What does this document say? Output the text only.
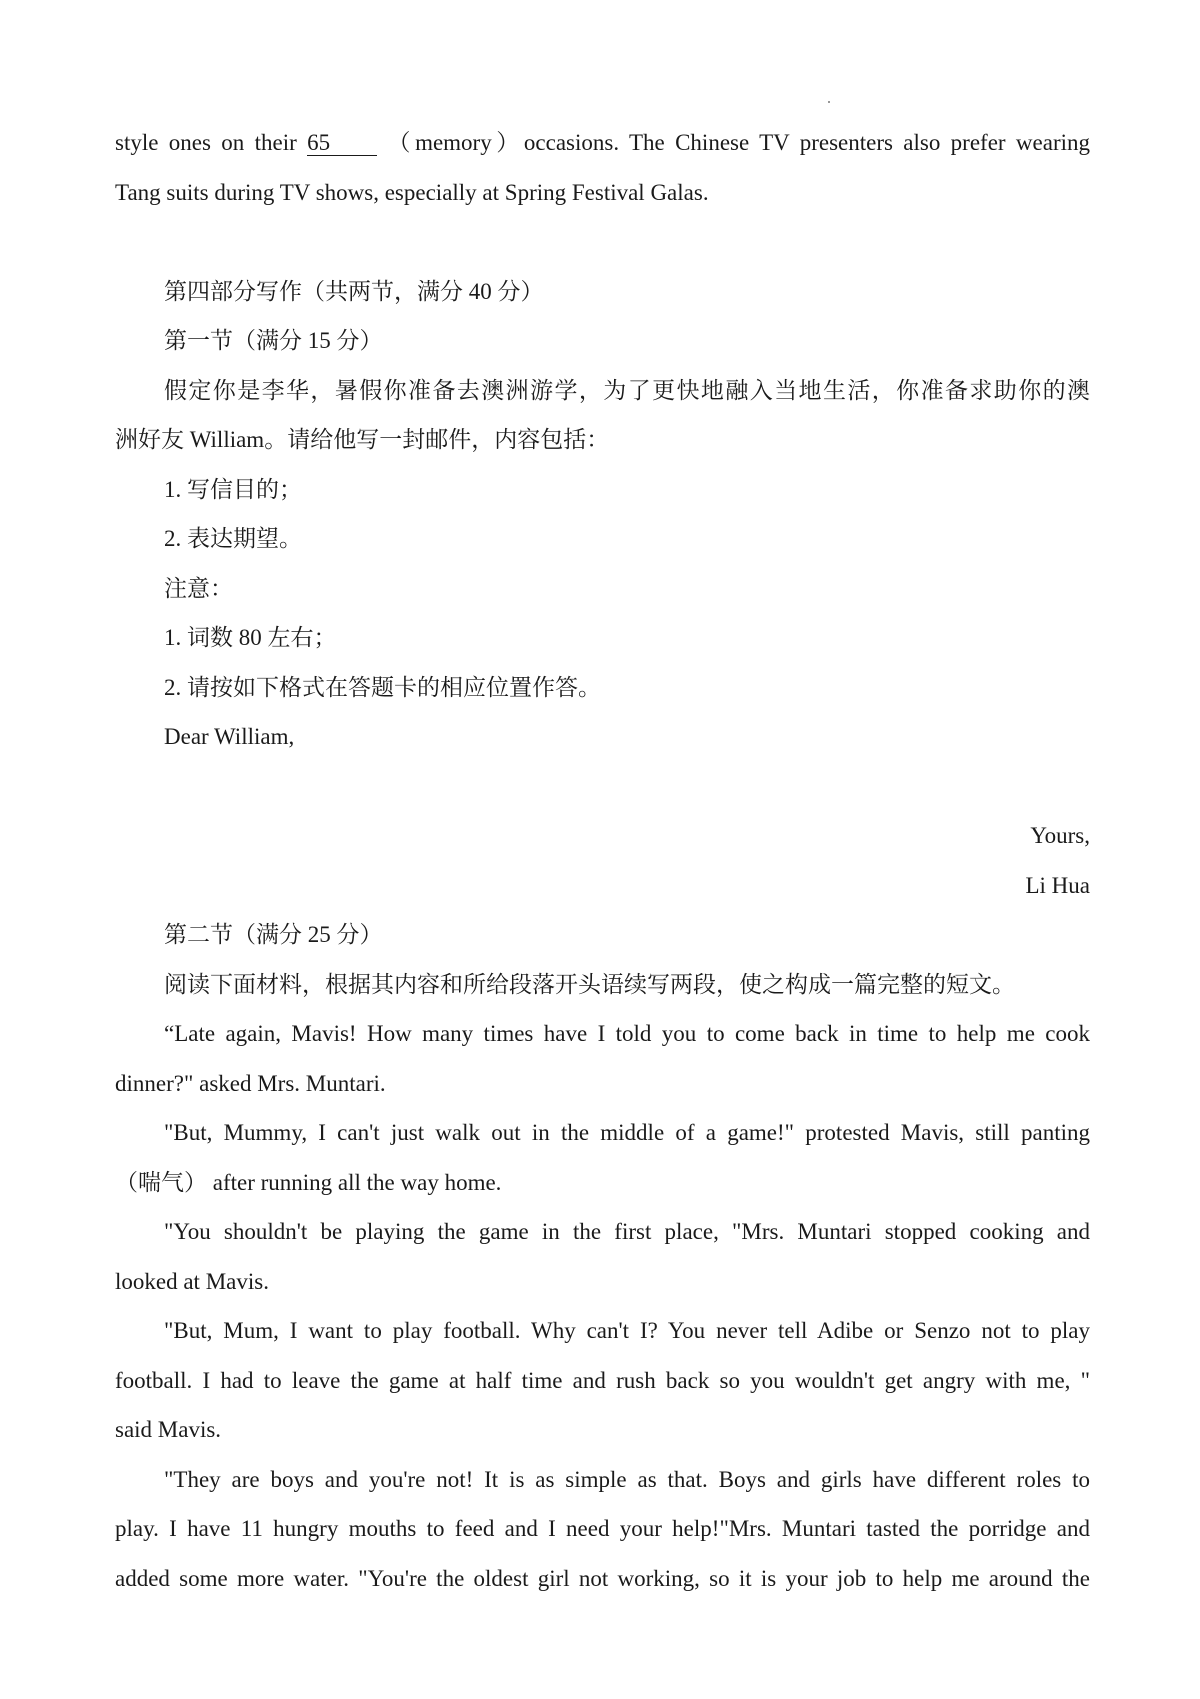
style ones on their 65 （memory）occasions. The Chinese TV presenters also prefer wearing
Tang suits during TV shows, especially at Spring Festival Galas.
第四部分写作（共两节，满分 40 分）
第一节（满分 15 分）
假定你是李华，暑假你准备去澳洲游学，为了更快地融入当地生活，你准备求助你的澳
洲好友 William。请给他写一封邮件，内容包括：
1. 写信目的；
2. 表达期望。
注意：
1. 词数 80 左右；
2. 请按如下格式在答题卡的相应位置作答。
Dear William,
Yours,
Li Hua
第二节（满分 25 分）
阅读下面材料，根据其内容和所给段落开头语续写两段，使之构成一篇完整的短文。
“Late again, Mavis! How many times have I told you to come back in time to help me cook
dinner?" asked Mrs. Muntari.
"But, Mummy, I can't just walk out in the middle of a game!" protested Mavis, still panting
（喘气） after running all the way home.
"You shouldn't be playing the game in the first place, "Mrs. Muntari stopped cooking and
looked at Mavis.
"But, Mum, I want to play football. Why can't I? You never tell Adibe or Senzo not to play
football. I had to leave the game at half time and rush back so you wouldn't get angry with me, "
said Mavis.
"They are boys and you're not! It is as simple as that. Boys and girls have different roles to
play. I have 11 hungry mouths to feed and I need your help!"Mrs. Muntari tasted the porridge and
added some more water. "You're the oldest girl not working, so it is your job to help me around the
